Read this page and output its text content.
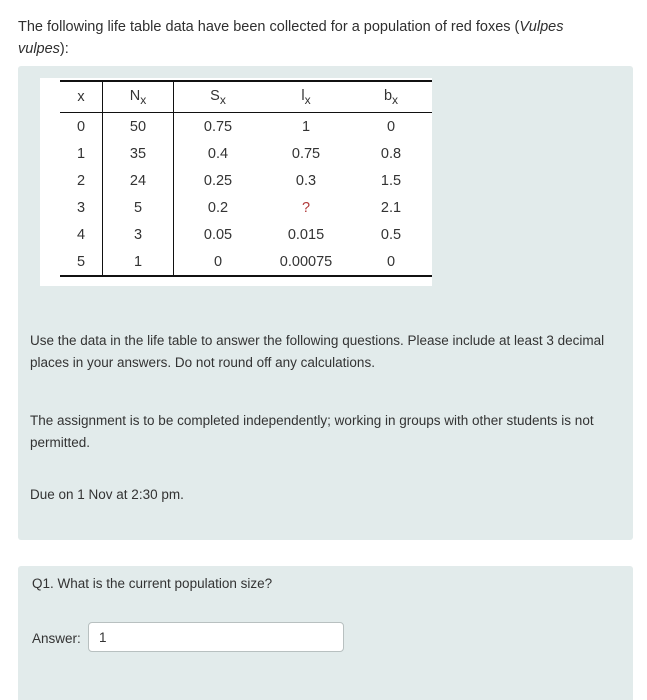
The following life table data have been collected for a population of red foxes (Vulpes vulpes):
x	$N_x$	$S_x$	$l_x$	$b_x$
0	50	0.75	1	0
1	35	0.4	0.75	0.8
2	24	0.25	0.3	1.5
3	5	0.2	?	2.1
4	3	0.05	0.015	0.5
5	1	0	0.00075	0
Use the data in the life table to answer the following questions. Please include at least 3 decimal places in your answers. Do not round off any calculations.
The assignment is to be completed independently; working in groups with other students is not permitted.
Due on 1 Nov at 2:30 pm.
Q1. What is the current population size?
Answer:
1
